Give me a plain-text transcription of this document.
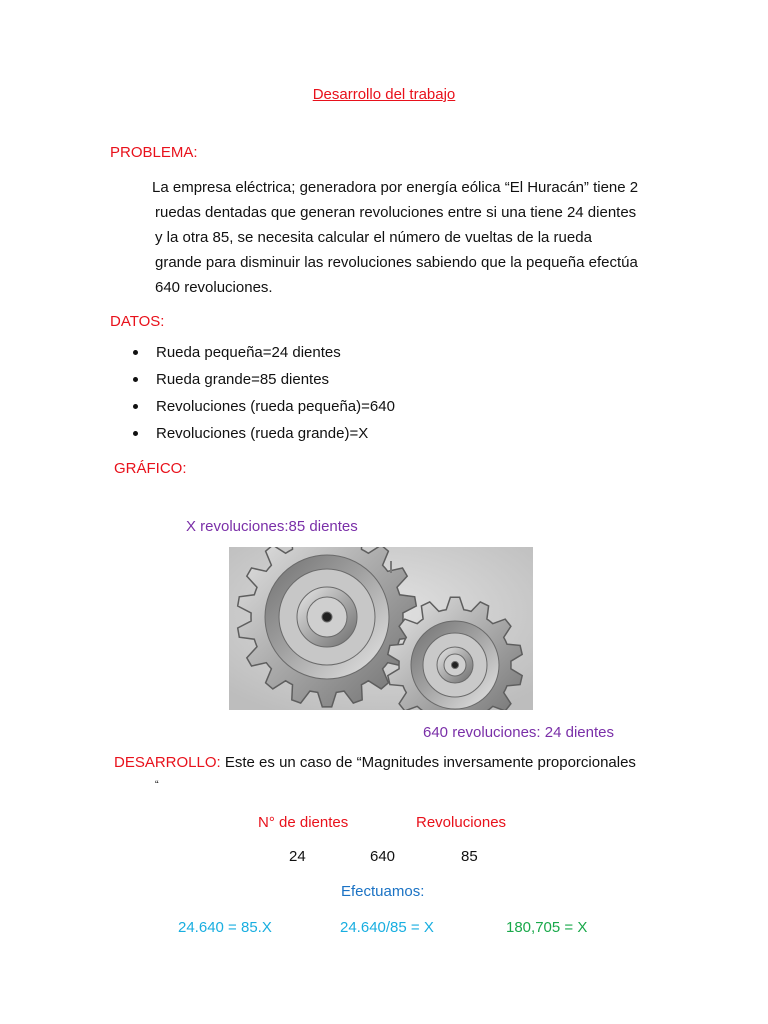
Desarrollo del trabajo
PROBLEMA:
La empresa eléctrica; generadora por energía eólica “El Huracán” tiene 2
ruedas dentadas que generan revoluciones entre si una tiene 24 dientes
y la otra 85, se necesita calcular el número de vueltas de la rueda
grande para disminuir las revoluciones sabiendo que la pequeña efectúa
640 revoluciones.
DATOS:
Rueda pequeña=24 dientes
Rueda grande=85 dientes
Revoluciones (rueda pequeña)=640
Revoluciones (rueda grande)=X
GRÁFICO:
X revoluciones:85 dientes
640 revoluciones: 24 dientes
DESARROLLO: Este es un caso de “Magnitudes inversamente proporcionales
“
N° de dientes	Revoluciones
24	640	85
Efectuamos:
24.640 = 85.X	24.640/85 = X	180,705 = X
